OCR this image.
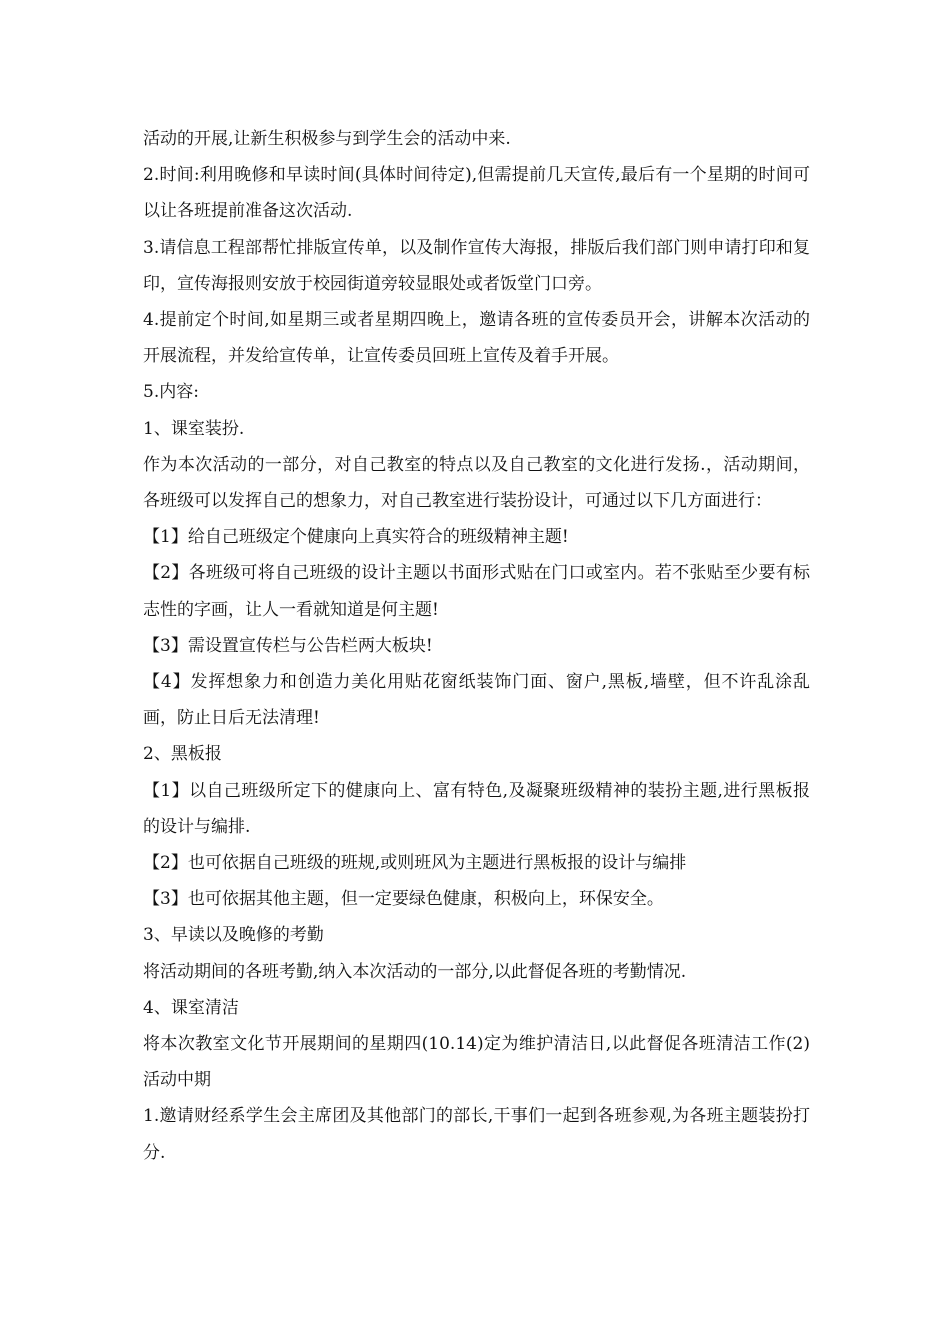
活动的开展,让新生积极参与到学生会的活动中来.

2.时间:利用晚修和早读时间(具体时间待定),但需提前几天宣传,最后有一个星期的时间可以让各班提前准备这次活动.

3.请信息工程部帮忙排版宣传单，以及制作宣传大海报，排版后我们部门则申请打印和复印，宣传海报则安放于校园街道旁较显眼处或者饭堂门口旁。

4.提前定个时间,如星期三或者星期四晚上，邀请各班的宣传委员开会，讲解本次活动的开展流程，并发给宣传单，让宣传委员回班上宣传及着手开展。

5.内容:

1、课室装扮.

作为本次活动的一部分，对自己教室的特点以及自己教室的文化进行发扬.，活动期间，各班级可以发挥自己的想象力，对自己教室进行装扮设计，可通过以下几方面进行：

【1】给自己班级定个健康向上真实符合的班级精神主题!

【2】各班级可将自己班级的设计主题以书面形式贴在门口或室内。若不张贴至少要有标志性的字画，让人一看就知道是何主题!

【3】需设置宣传栏与公告栏两大板块!

【4】发挥想象力和创造力美化用贴花窗纸装饰门面、窗户,黑板,墙壁，但不许乱涂乱画，防止日后无法清理!

2、黑板报

【1】以自己班级所定下的健康向上、富有特色,及凝聚班级精神的装扮主题,进行黑板报的设计与编排.

【2】也可依据自己班级的班规,或则班风为主题进行黑板报的设计与编排

【3】也可依据其他主题，但一定要绿色健康，积极向上，环保安全。

3、早读以及晚修的考勤

将活动期间的各班考勤,纳入本次活动的一部分,以此督促各班的考勤情况.

4、课室清洁

将本次教室文化节开展期间的星期四(10.14)定为维护清洁日,以此督促各班清洁工作(2)活动中期

1.邀请财经系学生会主席团及其他部门的部长,干事们一起到各班参观,为各班主题装扮打分.
